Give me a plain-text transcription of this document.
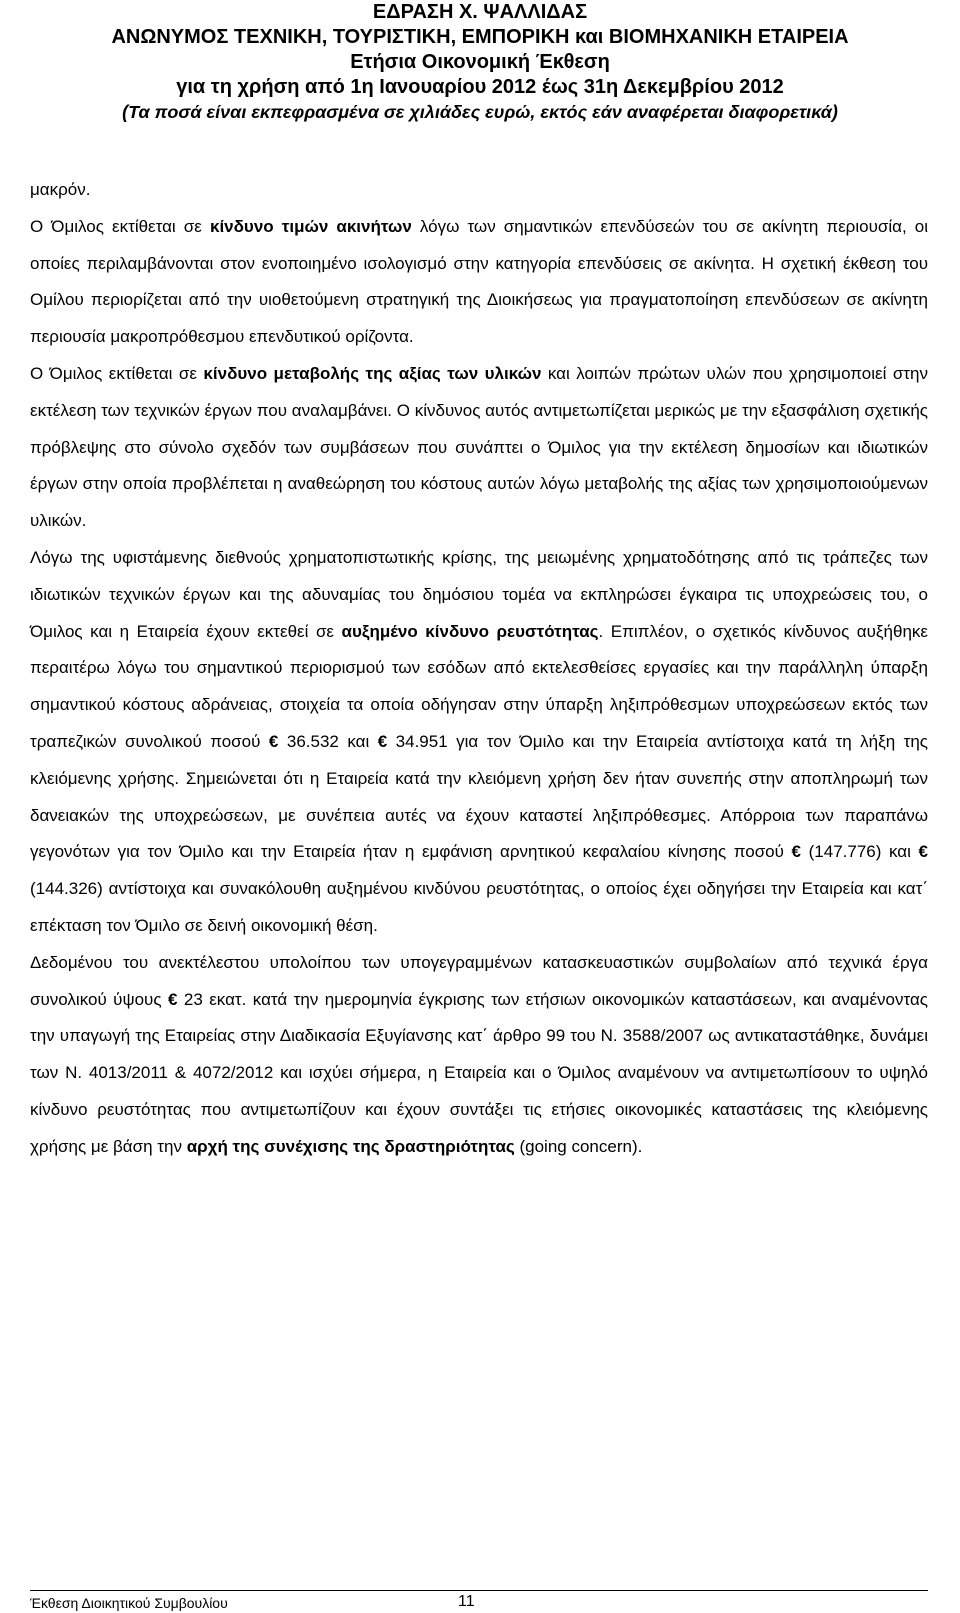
ΕΔΡΑΣΗ Χ. ΨΑΛΛΙΔΑΣ
ΑΝΩΝΥΜΟΣ ΤΕΧΝΙΚΗ, ΤΟΥΡΙΣΤΙΚΗ, ΕΜΠΟΡΙΚΗ και ΒΙΟΜΗΧΑΝΙΚΗ ΕΤΑΙΡΕΙΑ
Ετήσια Οικονομική Έκθεση
για τη χρήση από 1η Ιανουαρίου 2012 έως 31η Δεκεμβρίου 2012
(Τα ποσά είναι εκπεφρασμένα σε χιλιάδες ευρώ, εκτός εάν αναφέρεται διαφορετικά)

μακρόν.

Ο Όμιλος εκτίθεται σε κίνδυνο τιμών ακινήτων λόγω των σημαντικών επενδύσεών του σε ακίνητη περιουσία, οι οποίες περιλαμβάνονται στον ενοποιημένο ισολογισμό στην κατηγορία επενδύσεις σε ακίνητα. Η σχετική έκθεση του Ομίλου περιορίζεται από την υιοθετούμενη στρατηγική της Διοικήσεως για πραγματοποίηση επενδύσεων σε ακίνητη περιουσία μακροπρόθεσμου επενδυτικού ορίζοντα.

Ο Όμιλος εκτίθεται σε κίνδυνο μεταβολής της αξίας των υλικών και λοιπών πρώτων υλών που χρησιμοποιεί στην εκτέλεση των τεχνικών έργων που αναλαμβάνει. Ο κίνδυνος αυτός αντιμετωπίζεται μερικώς με την εξασφάλιση σχετικής πρόβλεψης στο σύνολο σχεδόν των συμβάσεων που συνάπτει ο Όμιλος για την εκτέλεση δημοσίων και ιδιωτικών έργων στην οποία προβλέπεται η αναθεώρηση του κόστους αυτών λόγω μεταβολής της αξίας των χρησιμοποιούμενων υλικών.

Λόγω της υφιστάμενης διεθνούς χρηματοπιστωτικής κρίσης, της μειωμένης χρηματοδότησης από τις τράπεζες των ιδιωτικών τεχνικών έργων και της αδυναμίας του δημόσιου τομέα να εκπληρώσει έγκαιρα τις υποχρεώσεις του, ο Όμιλος και η Εταιρεία έχουν εκτεθεί σε αυξημένο κίνδυνο ρευστότητας. Επιπλέον, ο σχετικός κίνδυνος αυξήθηκε περαιτέρω λόγω του σημαντικού περιορισμού των εσόδων από εκτελεσθείσες εργασίες και την παράλληλη ύπαρξη σημαντικού κόστους αδράνειας, στοιχεία τα οποία οδήγησαν στην ύπαρξη ληξιπρόθεσμων υποχρεώσεων εκτός των τραπεζικών συνολικού ποσού € 36.532 και € 34.951 για τον Όμιλο και την Εταιρεία αντίστοιχα κατά τη λήξη της κλειόμενης χρήσης. Σημειώνεται ότι η Εταιρεία κατά την κλειόμενη χρήση δεν ήταν συνεπής στην αποπληρωμή των δανειακών της υποχρεώσεων, με συνέπεια αυτές να έχουν καταστεί ληξιπρόθεσμες. Απόρροια των παραπάνω γεγονότων για τον Όμιλο και την Εταιρεία ήταν η εμφάνιση αρνητικού κεφαλαίου κίνησης ποσού € (147.776) και € (144.326) αντίστοιχα και συνακόλουθη αυξημένου κινδύνου ρευστότητας, ο οποίος έχει οδηγήσει την Εταιρεία και κατ΄ επέκταση τον Όμιλο σε δεινή οικονομική θέση.

Δεδομένου του ανεκτέλεστου υπολοίπου των υπογεγραμμένων κατασκευαστικών συμβολαίων από τεχνικά έργα συνολικού ύψους € 23 εκατ. κατά την ημερομηνία έγκρισης των ετήσιων οικονομικών καταστάσεων, και αναμένοντας την υπαγωγή της Εταιρείας στην Διαδικασία Εξυγίανσης κατ΄ άρθρο 99 του Ν. 3588/2007 ως αντικαταστάθηκε, δυνάμει των Ν. 4013/2011 & 4072/2012 και ισχύει σήμερα, η Εταιρεία και ο Όμιλος αναμένουν να αντιμετωπίσουν το υψηλό κίνδυνο ρευστότητας που αντιμετωπίζουν και έχουν συντάξει τις ετήσιες οικονομικές καταστάσεις της κλειόμενης χρήσης με βάση την αρχή της συνέχισης της δραστηριότητας (going concern).

Έκθεση Διοικητικού Συμβουλίου	11
